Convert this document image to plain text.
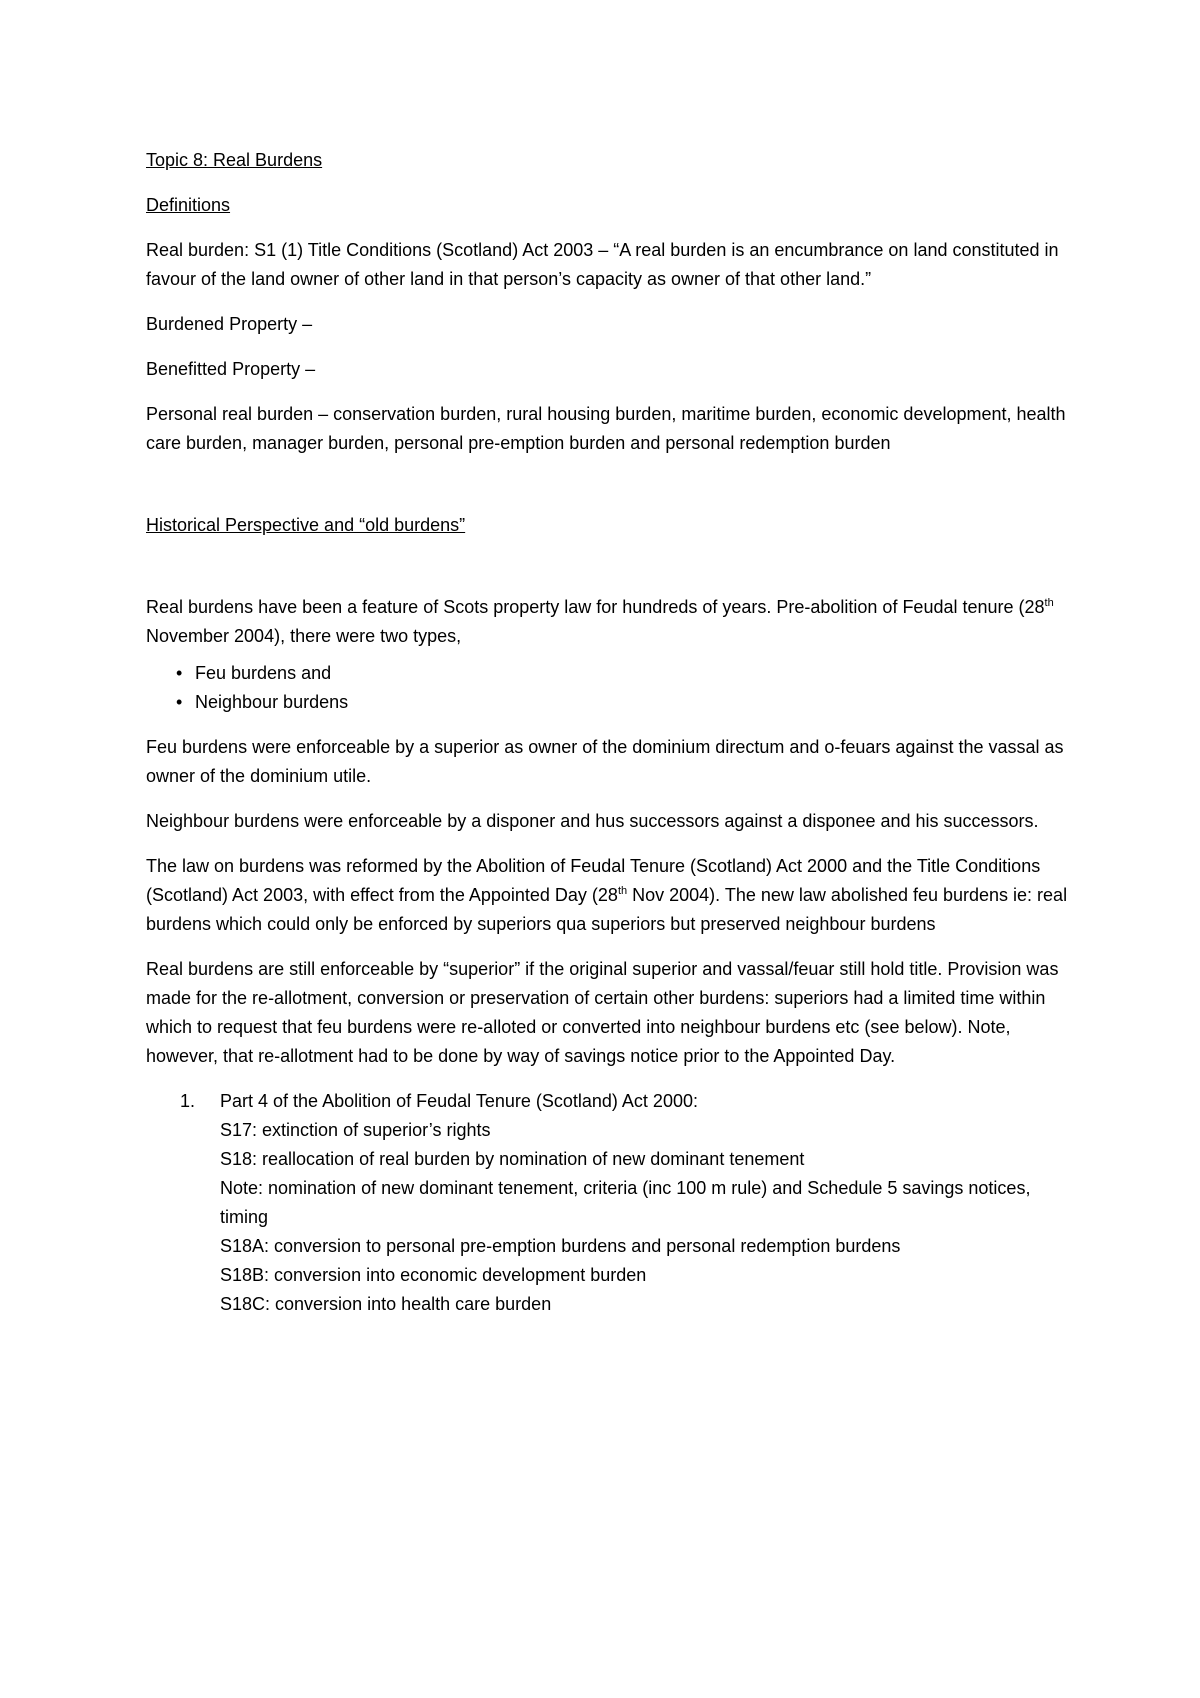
Topic 8: Real Burdens

Definitions

Real burden: S1 (1) Title Conditions (Scotland) Act 2003 – “A real burden is an encumbrance on land constituted in favour of the land owner of other land in that person’s capacity as owner of that other land.”

Burdened Property –

Benefitted Property –

Personal real burden – conservation burden, rural housing burden, maritime burden, economic development, health care burden, manager burden, personal pre-emption burden and personal redemption burden

Historical Perspective and “old burdens”

Real burdens have been a feature of Scots property law for hundreds of years. Pre-abolition of Feudal tenure (28th November 2004), there were two types,

• Feu burdens and
• Neighbour burdens

Feu burdens were enforceable by a superior as owner of the dominium directum and o-feuars against the vassal as owner of the dominium utile.

Neighbour burdens were enforceable by a disponer and hus successors against a disponee and his successors.

The law on burdens was reformed by the Abolition of Feudal Tenure (Scotland) Act 2000 and the Title Conditions (Scotland) Act 2003, with effect from the Appointed Day (28th Nov 2004). The new law abolished feu burdens ie: real burdens which could only be enforced by superiors qua superiors but preserved neighbour burdens

Real burdens are still enforceable by “superior” if the original superior and vassal/feuar still hold title. Provision was made for the re-allotment, conversion or preservation of certain other burdens: superiors had a limited time within which to request that feu burdens were re-alloted or converted into neighbour burdens etc (see below). Note, however, that re-allotment had to be done by way of savings notice prior to the Appointed Day.

1. Part 4 of the Abolition of Feudal Tenure (Scotland) Act 2000:
S17: extinction of superior’s rights
S18: reallocation of real burden by nomination of new dominant tenement
Note: nomination of new dominant tenement, criteria (inc 100 m rule) and Schedule 5 savings notices, timing
S18A: conversion to personal pre-emption burdens and personal redemption burdens
S18B: conversion into economic development burden
S18C: conversion into health care burden
